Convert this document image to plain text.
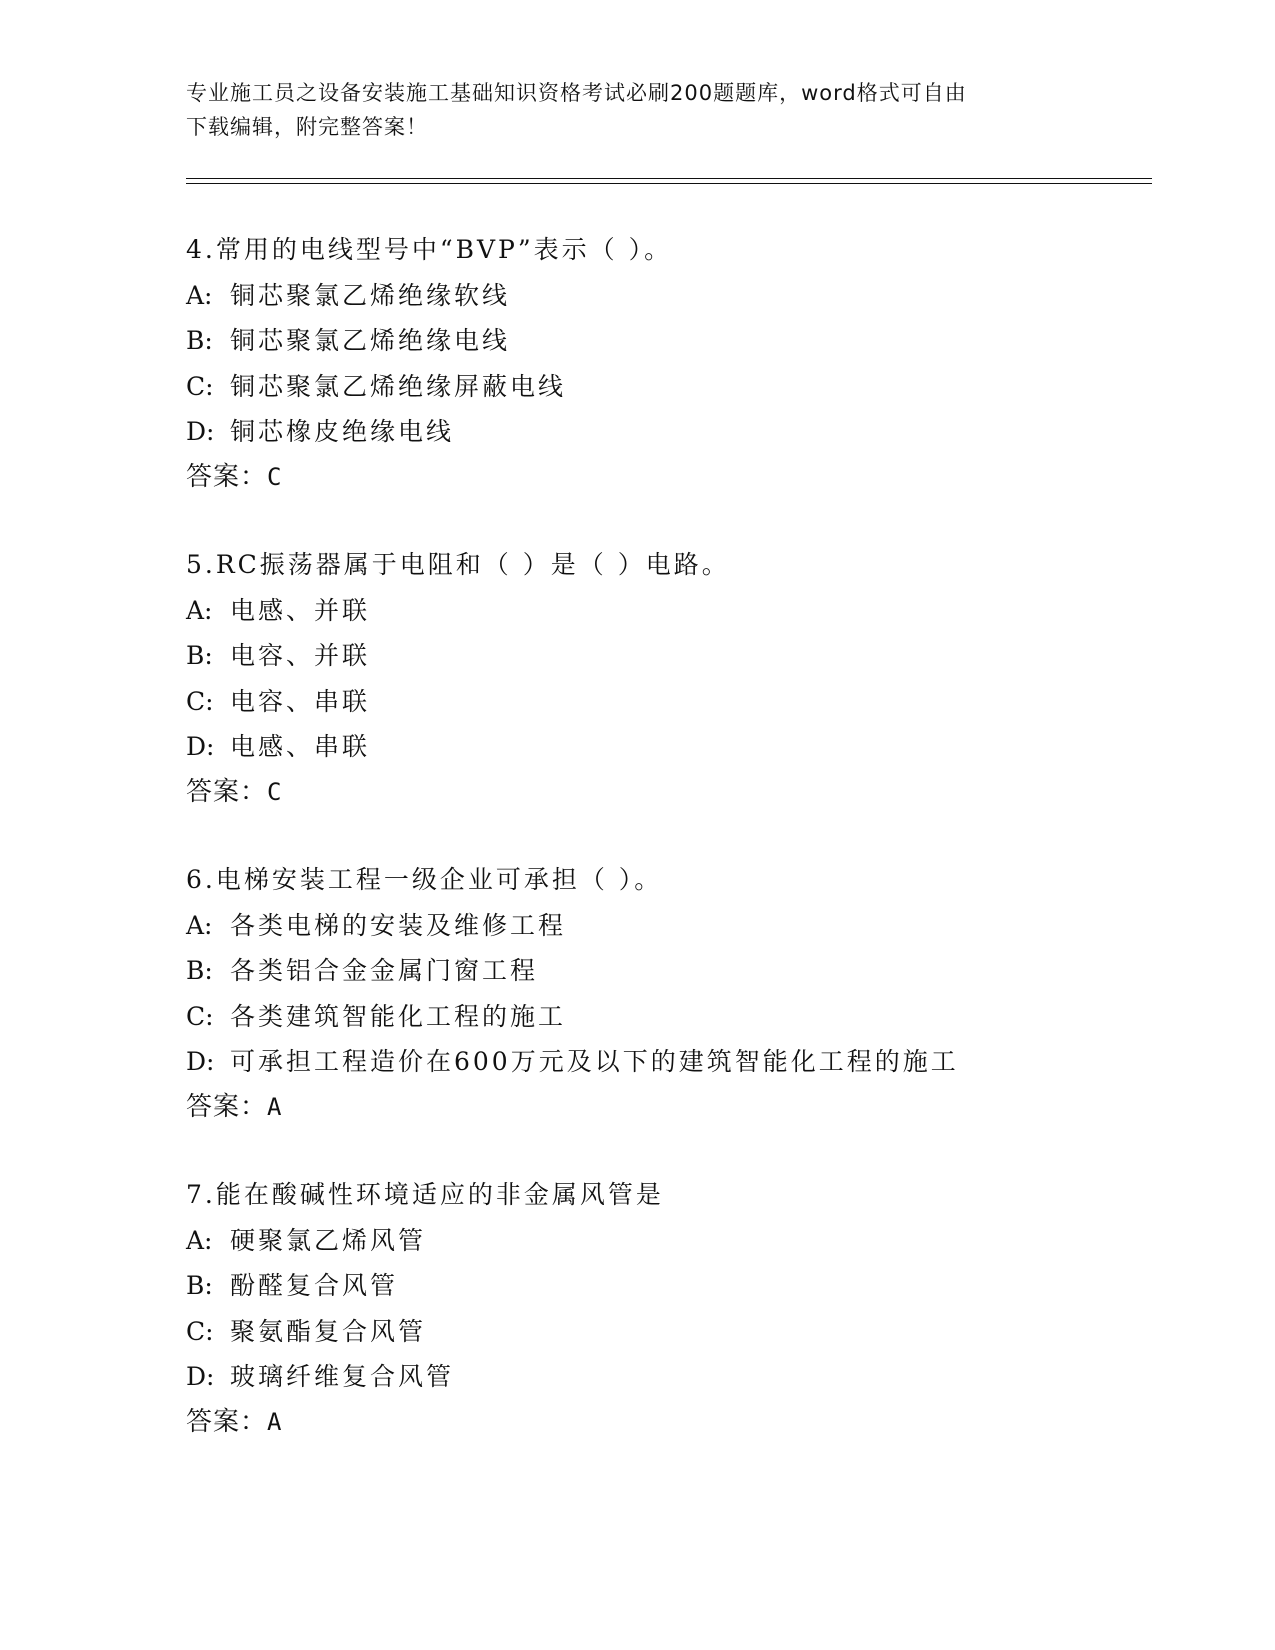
专业施工员之设备安装施工基础知识资格考试必刷200题题库，word格式可自由
下载编辑，附完整答案！
4.常用的电线型号中“BVP”表示（ ）。
A: 铜芯聚氯乙烯绝缘软线
B: 铜芯聚氯乙烯绝缘电线
C: 铜芯聚氯乙烯绝缘屏蔽电线
D: 铜芯橡皮绝缘电线
答案：C
5.RC振荡器属于电阻和（ ）是（ ）电路。
A: 电感、并联
B: 电容、并联
C: 电容、串联
D: 电感、串联
答案：C
6.电梯安装工程一级企业可承担（ ）。
A: 各类电梯的安装及维修工程
B: 各类铝合金金属门窗工程
C: 各类建筑智能化工程的施工
D: 可承担工程造价在600万元及以下的建筑智能化工程的施工
答案：A
7.能在酸碱性环境适应的非金属风管是
A: 硬聚氯乙烯风管
B: 酚醛复合风管
C: 聚氨酯复合风管
D: 玻璃纤维复合风管
答案：A
